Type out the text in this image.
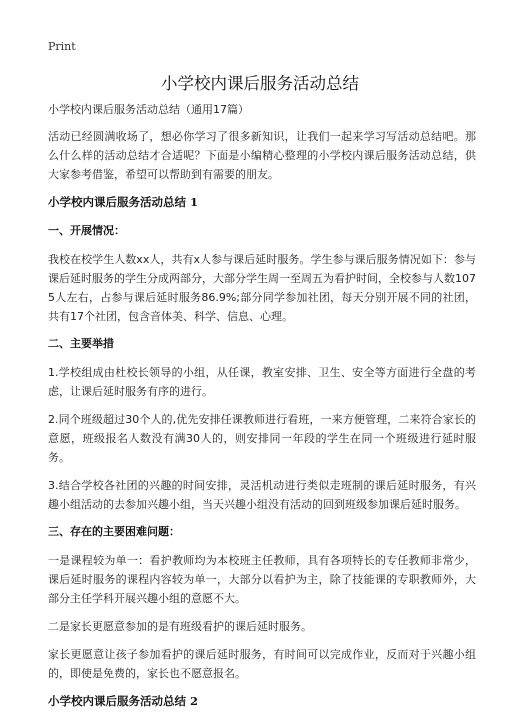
Print
小学校内课后服务活动总结

小学校内课后服务活动总结（通用17篇）

活动已经圆满收场了，想必你学习了很多新知识，让我们一起来学习写活动总结吧。那么什么样的活动总结才合适呢？下面是小编精心整理的小学校内课后服务活动总结，供大家参考借鉴，希望可以帮助到有需要的朋友。

小学校内课后服务活动总结 1
一、开展情况：

我校在校学生人数xx人，共有x人参与课后延时服务。学生参与课后服务情况如下：参与课后延时服务的学生分成两部分，大部分学生周一至周五为看护时间，全校参与人数1075人左右，占参与课后延时服务86.9%;部分同学参加社团，每天分别开展不同的社团，共有17个社团，包含音体美、科学、信息、心理。

二、主要举措

1.学校组成由杜校长领导的小组，从任课，教室安排、卫生、安全等方面进行全盘的考虑，让课后延时服务有序的进行。

2.同个班级超过30个人的,优先安排任课教师进行看班，一来方便管理，二来符合家长的意愿，班级报名人数没有满30人的，则安排同一年段的学生在同一个班级进行延时服务。

3.结合学校各社团的兴趣的时间安排，灵活机动进行类似走班制的课后延时服务，有兴趣小组活动的去参加兴趣小组，当天兴趣小组没有活动的回到班级参加课后延时服务。

三、存在的主要困难问题：

一是课程较为单一：看护教师均为本校班主任教师，具有各项特长的专任教师非常少，课后延时服务的课程内容较为单一，大部分以看护为主，除了技能课的专职教师外，大部分主任学科开展兴趣小组的意愿不大。

二是家长更愿意参加的是有班级看护的课后延时服务。

家长更愿意让孩子参加看护的课后延时服务，有时间可以完成作业，反而对于兴趣小组的，即使是免费的，家长也不愿意报名。

小学校内课后服务活动总结 2
